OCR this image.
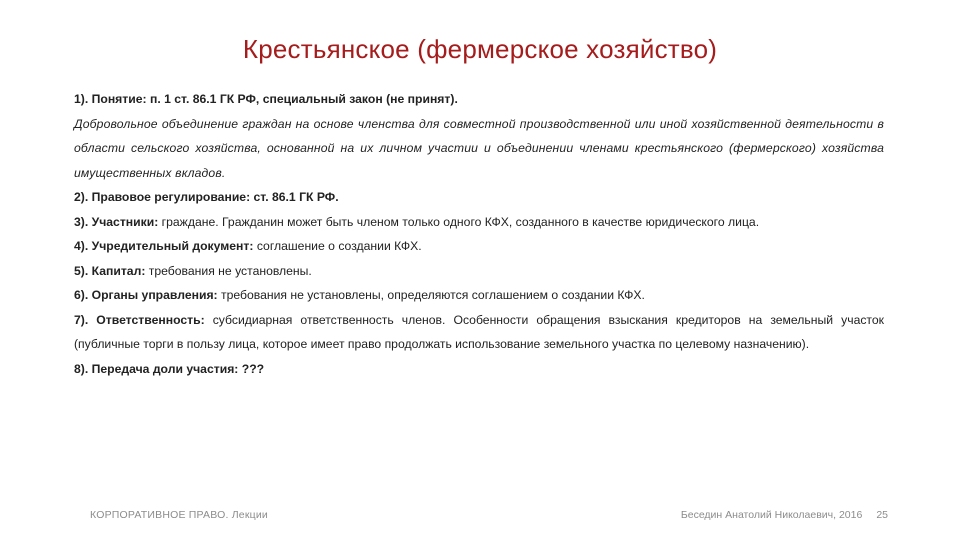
Крестьянское (фермерское хозяйство)

1). Понятие: п. 1 ст. 86.1 ГК РФ, специальный закон (не принят).

Добровольное объединение граждан на основе членства для совместной производственной или иной хозяйственной деятельности в области сельского хозяйства, основанной на их личном участии и объединении членами крестьянского (фермерского) хозяйства имущественных вкладов.

2). Правовое регулирование: ст. 86.1 ГК РФ.

3). Участники: граждане. Гражданин может быть членом только одного КФХ, созданного в качестве юридического лица.

4). Учредительный документ: соглашение о создании КФХ.

5). Капитал: требования не установлены.

6). Органы управления: требования не установлены, определяются соглашением о создании КФХ.

7). Ответственность: субсидиарная ответственность членов. Особенности обращения взыскания кредиторов на земельный участок (публичные торги в пользу лица, которое имеет право продолжать использование земельного участка по целевому назначению).

8). Передача доли участия: ???

КОРПОРАТИВНОЕ ПРАВО. Лекции	Беседин Анатолий Николаевич, 2016 25
